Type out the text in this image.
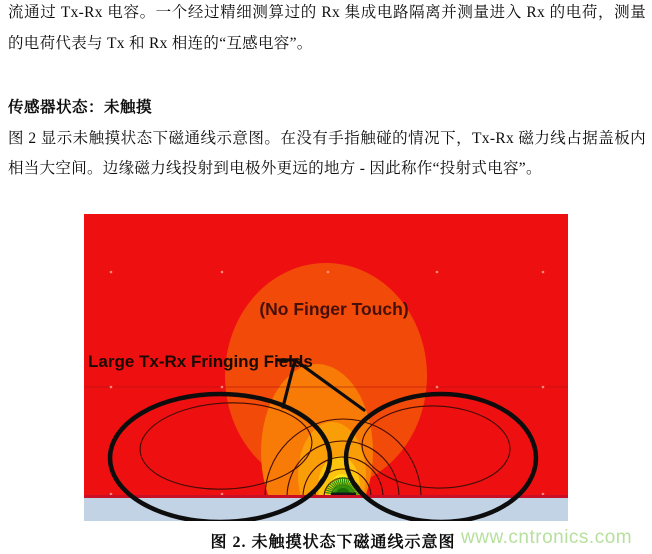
流通过 Tx-Rx 电容。一个经过精细测算过的 Rx 集成电路隔离并测量进入 Rx 的电荷，测量的电荷代表与 Tx 和 Rx 相连的“互感电容”。
传感器状态：未触摸
图 2 显示未触摸状态下磁通线示意图。在没有手指触碰的情况下，Tx-Rx 磁力线占据盖板内相当大空间。边缘磁力线投射到电极外更远的地方 - 因此称作“投射式电容”。
(No Finger Touch)
Large Tx-Rx Fringing Fields
图 2. 未触摸状态下磁通线示意图 www.cntronics.com
